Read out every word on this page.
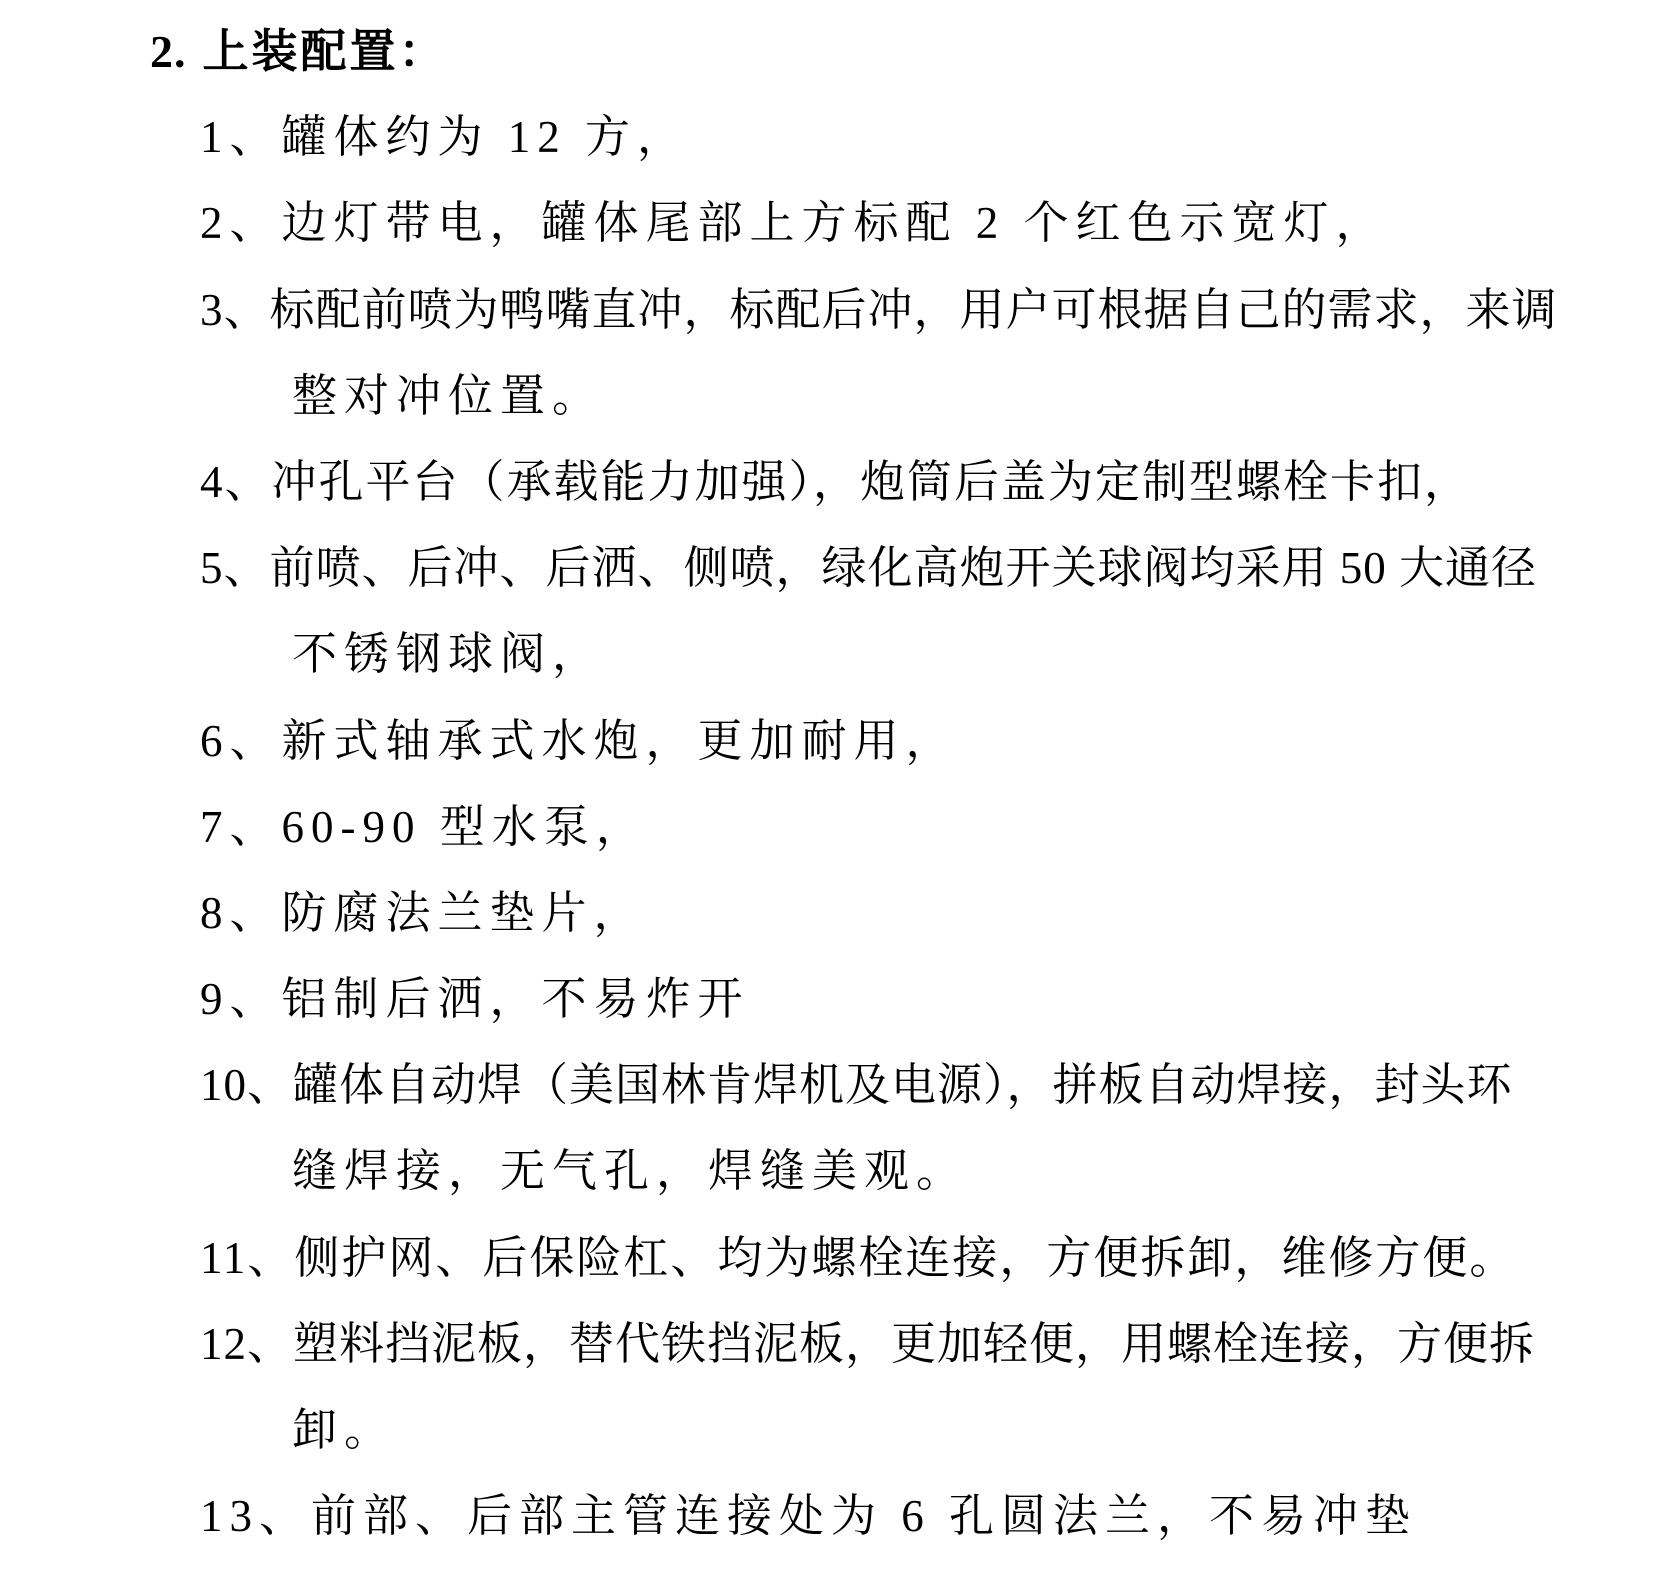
2. 上装配置：
1、罐体约为 12 方，
2、边灯带电，罐体尾部上方标配 2 个红色示宽灯，
3、标配前喷为鸭嘴直冲，标配后冲，用户可根据自己的需求，来调
整对冲位置。
4、冲孔平台（承载能力加强），炮筒后盖为定制型螺栓卡扣，
5、前喷、后冲、后洒、侧喷，绿化高炮开关球阀均采用 50 大通径
不锈钢球阀，
6、新式轴承式水炮，更加耐用，
7、60-90 型水泵，
8、防腐法兰垫片，
9、铝制后洒，不易炸开
10、罐体自动焊（美国林肯焊机及电源），拼板自动焊接，封头环
缝焊接，无气孔，焊缝美观。
11、侧护网、后保险杠、均为螺栓连接，方便拆卸，维修方便。
12、塑料挡泥板，替代铁挡泥板，更加轻便，用螺栓连接，方便拆
卸。
13、前部、后部主管连接处为 6 孔圆法兰，不易冲垫
